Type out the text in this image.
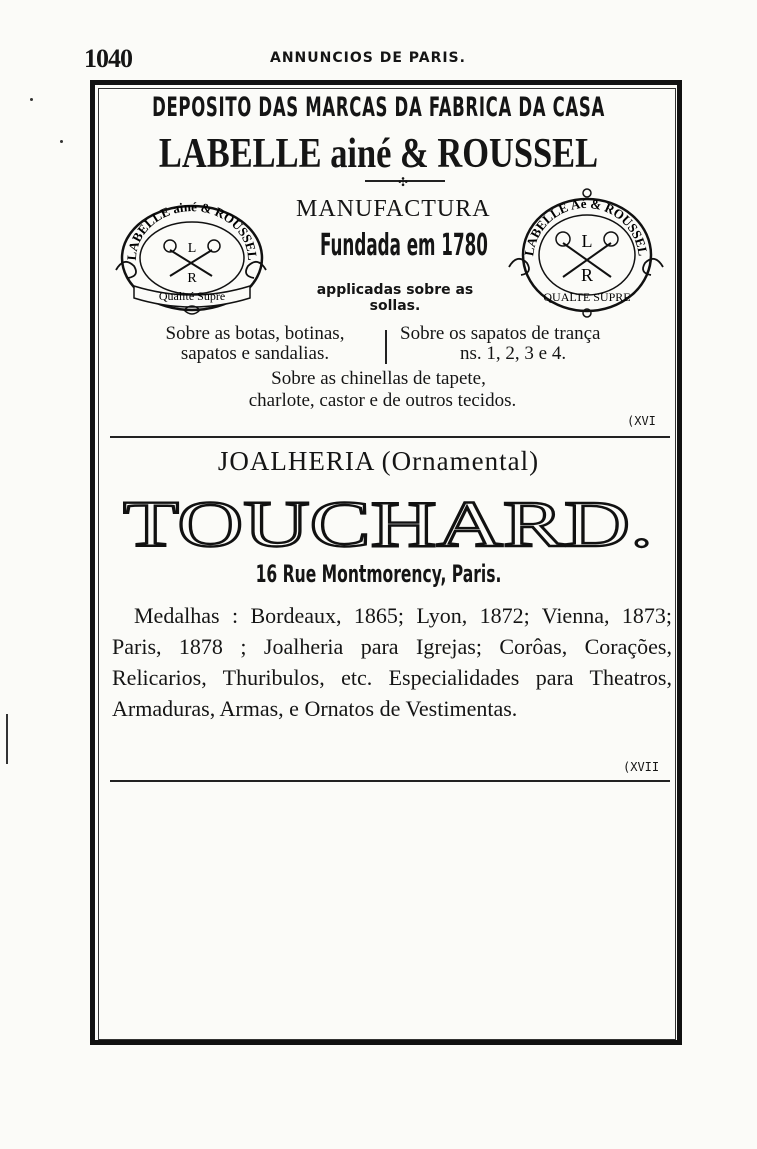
1040	ANNUNCIOS DE PARIS.
DEPOSITO DAS MARCAS DA FABRICA DA CASA
LABELLE ainé & ROUSSEL
✣
LABELLE ainé & ROUSSEL
L
R
Qualité Supre
MANUFACTURA
Fundada em 1780
applicadas sobre as sollas.
LABELLE Aé & ROUSSEL
L
R
QUALTE SUPRE
Sobre as botas, botinas,
sapatos e sandalias.
Sobre os sapatos de trança
ns. 1, 2, 3 e 4.
Sobre as chinellas de tapete,
charlote, castor e de outros tecidos.
(XVI
JOALHERIA (Ornamental)
TOUCHARD.
16 Rue Montmorency, Paris.
Medalhas : Bordeaux, 1865; Lyon, 1872; Vienna, 1873; Paris, 1878 ; Joalheria para Igrejas; Corôas, Corações, Relicarios, Thuribulos, etc. Especialidades para Theatros, Armaduras, Armas, e Ornatos de Vestimentas.
(XVII
